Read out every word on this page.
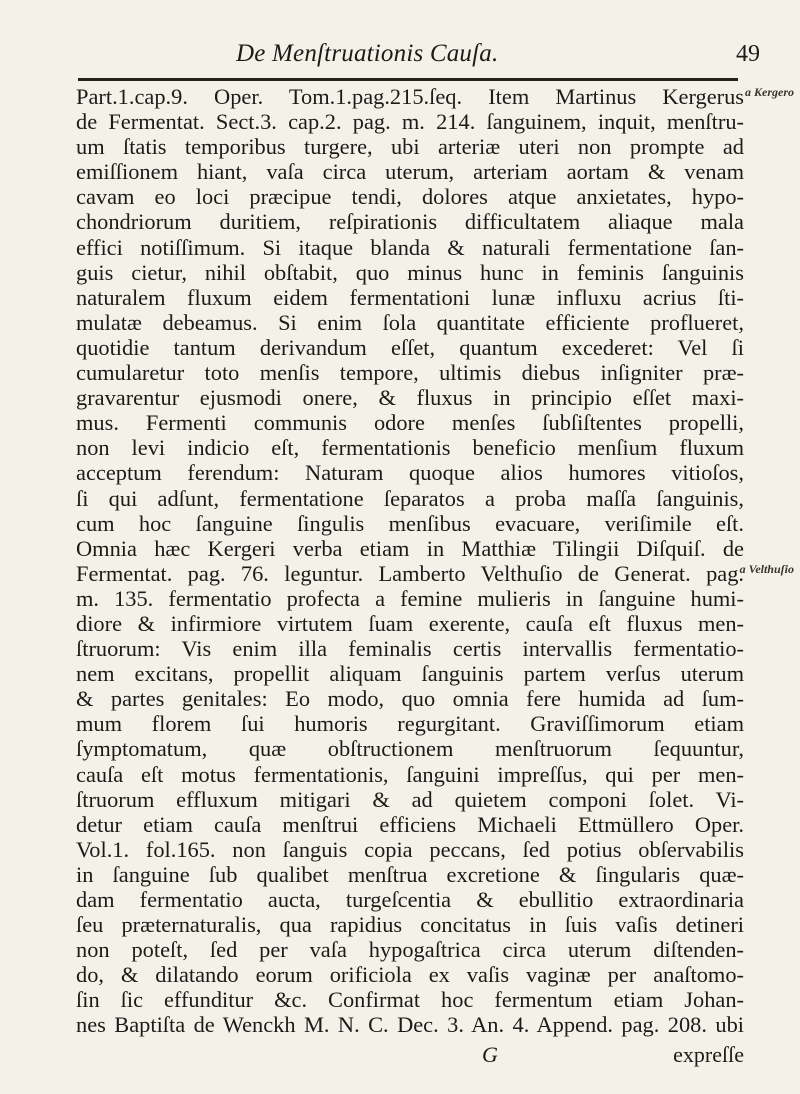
De Menſtruationis Cauſa.	49
a Kergero
a Velthuſio
Part.1.cap.9. Oper. Tom.1.pag.215.ſeq. Item Martinus Kergerus
de Fermentat. Sect.3. cap.2. pag. m. 214. ſanguinem, inquit, menſtru-
um ſtatis temporibus turgere, ubi arteriæ uteri non prompte ad
emiſſionem hiant, vaſa circa uterum, arteriam aortam & venam
cavam eo loci præcipue tendi, dolores atque anxietates, hypo-
chondriorum duritiem, reſpirationis difficultatem aliaque mala
effici notiſſimum. Si itaque blanda & naturali fermentatione ſan-
guis cietur, nihil obſtabit, quo minus hunc in feminis ſanguinis
naturalem fluxum eidem fermentationi lunæ influxu acrius ſti-
mulatæ debeamus. Si enim ſola quantitate efficiente proflueret,
quotidie tantum derivandum eſſet, quantum excederet: Vel ſi
cumularetur toto menſis tempore, ultimis diebus inſigniter præ-
gravarentur ejusmodi onere, & fluxus in principio eſſet maxi-
mus. Fermenti communis odore menſes ſubſiſtentes propelli,
non levi indicio eſt, fermentationis beneficio menſium fluxum
acceptum ferendum: Naturam quoque alios humores vitioſos,
ſi qui adſunt, fermentatione ſeparatos a proba maſſa ſanguinis,
cum hoc ſanguine ſingulis menſibus evacuare, veriſimile eſt.
Omnia hæc Kergeri verba etiam in Matthiæ Tilingii Diſquiſ. de
Fermentat. pag. 76. leguntur. Lamberto Velthuſio de Generat. pag.
m. 135. fermentatio profecta a femine mulieris in ſanguine humi-
diore & infirmiore virtutem ſuam exerente, cauſa eſt fluxus men-
ſtruorum: Vis enim illa feminalis certis intervallis fermentatio-
nem excitans, propellit aliquam ſanguinis partem verſus uterum
& partes genitales: Eo modo, quo omnia fere humida ad ſum-
mum florem ſui humoris regurgitant. Graviſſimorum etiam
ſymptomatum, quæ obſtructionem menſtruorum ſequuntur,
cauſa eſt motus fermentationis, ſanguini impreſſus, qui per men-
ſtruorum effluxum mitigari & ad quietem componi ſolet. Vi-
detur etiam cauſa menſtrui efficiens Michaeli Ettmüllero Oper.
Vol.1. fol.165. non ſanguis copia peccans, ſed potius obſervabilis
in ſanguine ſub qualibet menſtrua excretione & ſingularis quæ-
dam fermentatio aucta, turgeſcentia & ebullitio extraordinaria
ſeu præternaturalis, qua rapidius concitatus in ſuis vaſis detineri
non poteſt, ſed per vaſa hypogaſtrica circa uterum diſtenden-
do, & dilatando eorum orificiola ex vaſis vaginæ per anaſtomo-
ſin ſic effunditur &c. Confirmat hoc fermentum etiam Johan-
nes Baptiſta de Wenckh M. N. C. Dec. 3. An. 4. Append. pag. 208. ubi
G	expreſſe
